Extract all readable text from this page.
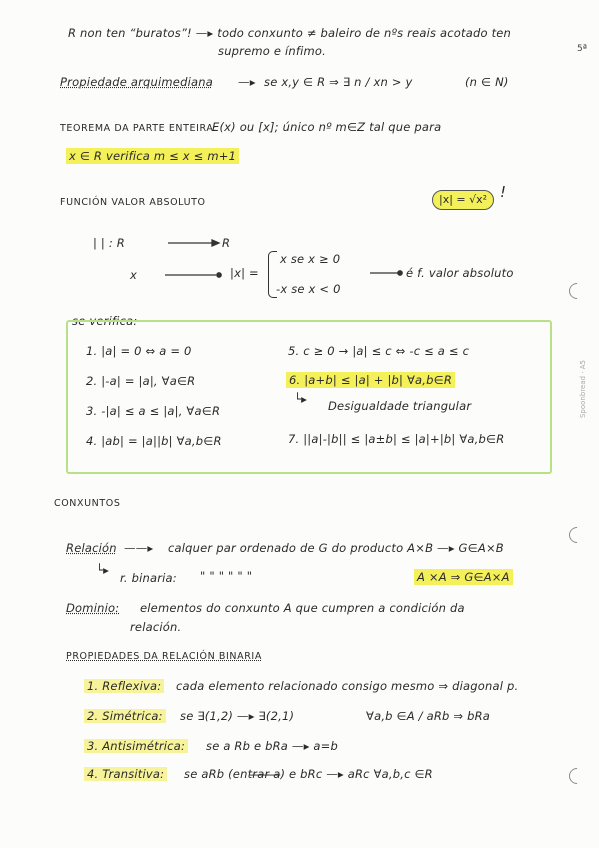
Spoonbread · A5
5ª
R non ten “buratos”! —▸ todo conxunto ≠ baleiro de nºs reais acotado ten
supremo e ínfimo.
Propiedade arquimediana —▸ se x,y ∈ R ⇒ ∃ n / xn > y	(n ∈ N)
TEOREMA DA PARTE ENTEIRA:
E(x) ou [x]; único nº m∈Z tal que para
x ∈ R verifica m ≤ x ≤ m+1
FUNCIÓN VALOR ABSOLUTO	|x| = √x² !
| | : R	R
x	|x| =
x se x ≥ 0
-x se x < 0
é f. valor absoluto
se verifica:
1. |a| = 0 ⇔ a = 0
2. |-a| = |a|, ∀a∈R
3. -|a| ≤ a ≤ |a|, ∀a∈R
4. |ab| = |a||b| ∀a,b∈R
5. c ≥ 0 → |a| ≤ c ⇔ -c ≤ a ≤ c
6. |a+b| ≤ |a| + |b| ∀a,b∈R
└▸ Desigualdade triangular
7. ||a|-|b|| ≤ |a±b| ≤ |a|+|b| ∀a,b∈R
CONXUNTOS
Relación ——▸ calquer par ordenado de G do producto A×B —▸ G∈A×B
└▸
r. binaria: " " " " " "	A ×A ⇒ G∈A×A
Dominio: elementos do conxunto A que cumpren a condición da
relación.
PROPIEDADES DA RELACIÓN BINARIA
1. Reflexiva: cada elemento relacionado consigo mesmo ⇒ diagonal p.
2. Simétrica: se ∃(1,2) —▸ ∃(2,1)	∀a,b ∈A / aRb ⇒ bRa
3. Antisimétrica: se a Rb e bRa —▸ a=b
4. Transitiva: se aRb (entr̶a̶r̶ ̶a̶) e bRc —▸ aRc ∀a,b,c ∈R
